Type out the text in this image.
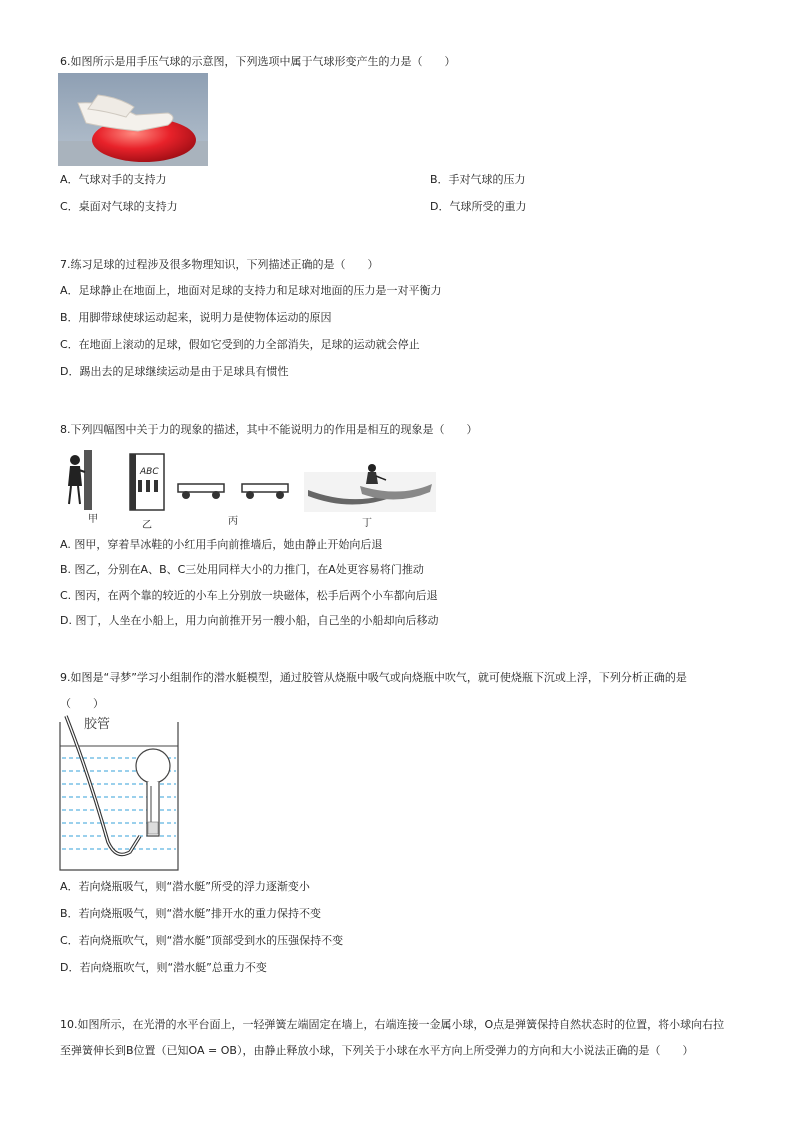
6.如图所示是用手压气球的示意图，下列选项中属于气球形变产生的力是（　　）
A．气球对手的支持力	B．手对气球的压力
C．桌面对气球的支持力	D．气球所受的重力
7.练习足球的过程涉及很多物理知识，下列描述正确的是（　　）
A．足球静止在地面上，地面对足球的支持力和足球对地面的压力是一对平衡力
B．用脚带球使球运动起来，说明力是使物体运动的原因
C．在地面上滚动的足球，假如它受到的力全部消失，足球的运动就会停止
D．踢出去的足球继续运动是由于足球具有惯性
8.下列四幅图中关于力的现象的描述，其中不能说明力的作用是相互的现象是（　　）
甲
ABC
乙	丙	丁
A. 图甲，穿着旱冰鞋的小红用手向前推墙后，她由静止开始向后退
B. 图乙，分别在A、B、C三处用同样大小的力推门，在A处更容易将门推动
C. 图丙，在两个靠的较近的小车上分别放一块磁体，松手后两个小车都向后退
D. 图丁，人坐在小船上，用力向前推开另一艘小船，自己坐的小船却向后移动
9.如图是“寻梦”学习小组制作的潜水艇模型，通过胶管从烧瓶中吸气或向烧瓶中吹气，就可使烧瓶下沉或上浮，下列分析正确的是
（　　）
胶管
A．若向烧瓶吸气，则“潜水艇”所受的浮力逐渐变小
B．若向烧瓶吸气，则“潜水艇”排开水的重力保持不变
C．若向烧瓶吹气，则“潜水艇”顶部受到水的压强保持不变
D．若向烧瓶吹气，则“潜水艇”总重力不变
10.如图所示，在光滑的水平台面上，一轻弹簧左端固定在墙上，右端连接一金属小球，O点是弹簧保持自然状态时的位置，将小球向右拉
至弹簧伸长到B位置（已知OA = OB），由静止释放小球，下列关于小球在水平方向上所受弹力的方向和大小说法正确的是（　　）
